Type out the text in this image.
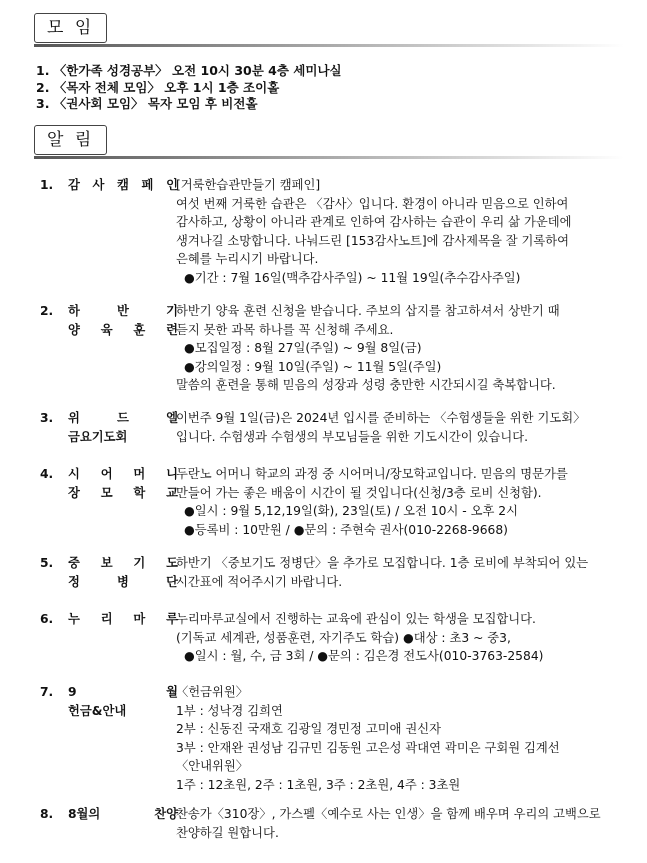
모 임
1. 〈한가족 성경공부〉 오전 10시 30분 4층 세미나실
2. 〈목자 전체 모임〉 오후 1시 1층 조이홀
3. 〈권사회 모임〉 목자 모임 후 비전홀
알 림
1. 감 사 캠 페 인
[거룩한습관만들기 캠페인]
여섯 번째 거룩한 습관은 〈감사〉입니다. 환경이 아니라 믿음으로 인하여
감사하고, 상황이 아니라 관계로 인하여 감사하는 습관이 우리 삶 가운데에
생겨나길 소망합니다. 나눠드린 [153감사노트]에 감사제목을 잘 기록하여
은혜를 누리시기 바랍니다.
●기간 : 7월 16일(맥추감사주일) ~ 11월 19일(추수감사주일)
2. 하	반	기
양 육 훈 련
하반기 양육 훈련 신청을 받습니다. 주보의 삽지를 참고하셔서 상반기 때
듣지 못한 과목 하나를 꼭 신청해 주세요.
●모집일정 : 8월 27일(주일) ~ 9월 8일(금)
●강의일정 : 9월 10일(주일) ~ 11월 5일(주일)
말씀의 훈련을 통해 믿음의 성장과 성령 충만한 시간되시길 축복합니다.
3. 위	드	엘
금요기도회
이번주 9월 1일(금)은 2024년 입시를 준비하는 〈수험생들을 위한 기도회〉
입니다. 수험생과 수험생의 부모님들을 위한 기도시간이 있습니다.
4. 시 어 머 니
장 모 학 교
두란노 어머니 학교의 과정 중 시어머니/장모학교입니다. 믿음의 명문가를
만들어 가는 좋은 배움이 시간이 될 것입니다(신청/3층 로비 신청함).
●일시 : 9월 5,12,19일(화), 23일(토) / 오전 10시 - 오후 2시
●등록비 : 10만원 / ●문의 : 주현숙 권사(010-2268-9668)
5. 중 보 기 도
정	병	단
하반기 〈중보기도 정병단〉을 추가로 모집합니다. 1층 로비에 부착되어 있는
시간표에 적어주시기 바랍니다.
6. 누 리 마 루
누리마루교실에서 진행하는 교육에 관심이 있는 학생을 모집합니다.
(기독교 세계관, 성품훈련, 자기주도 학습) ●대상 : 초3 ~ 중3,
●일시 : 월, 수, 금 3회 / ●문의 : 김은경 전도사(010-3763-2584)
7. 9	월
헌금&안내
〈헌금위원〉
1부 : 성낙경 김희연
2부 : 신동진 국재호 김광일 경민정 고미애 권신자
3부 : 안재완 권성남 김규민 김동원 고은성 곽대연 곽미은 구회원 김계선
〈안내위원〉
1주 : 12초원, 2주 : 1초원, 3주 : 2초원, 4주 : 3초원
8. 8월의	찬양
찬송가〈310장〉, 가스펠〈예수로 사는 인생〉을 함께 배우며 우리의 고백으로
찬양하길 원합니다.
